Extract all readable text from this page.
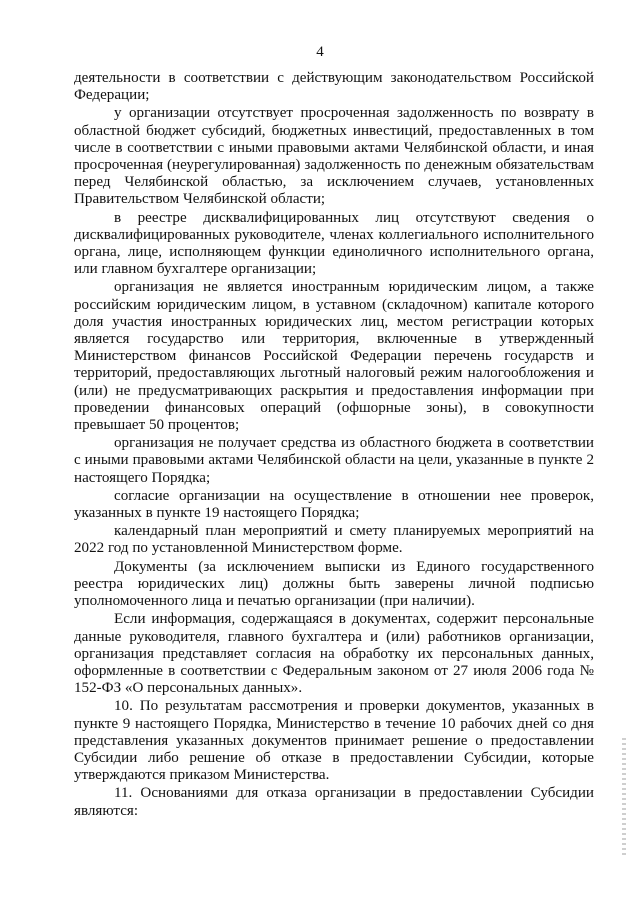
4

деятельности в соответствии с действующим законодательством Российской Федерации;

у организации отсутствует просроченная задолженность по возврату в областной бюджет субсидий, бюджетных инвестиций, предоставленных в том числе в соответствии с иными правовыми актами Челябинской области, и иная просроченная (неурегулированная) задолженность по денежным обязательствам перед Челябинской областью, за исключением случаев, установленных Правительством Челябинской области;

в реестре дисквалифицированных лиц отсутствуют сведения о дисквалифицированных руководителе, членах коллегиального исполнительного органа, лице, исполняющем функции единоличного исполнительного органа, или главном бухгалтере организации;

организация не является иностранным юридическим лицом, а также российским юридическим лицом, в уставном (складочном) капитале которого доля участия иностранных юридических лиц, местом регистрации которых является государство или территория, включенные в утвержденный Министерством финансов Российской Федерации перечень государств и территорий, предоставляющих льготный налоговый режим налогообложения и (или) не предусматривающих раскрытия и предоставления информации при проведении финансовых операций (офшорные зоны), в совокупности превышает 50 процентов;

организация не получает средства из областного бюджета в соответствии с иными правовыми актами Челябинской области на цели, указанные в пункте 2 настоящего Порядка;

согласие организации на осуществление в отношении нее проверок, указанных в пункте 19 настоящего Порядка;

календарный план мероприятий и смету планируемых мероприятий на 2022 год по установленной Министерством форме.

Документы (за исключением выписки из Единого государственного реестра юридических лиц) должны быть заверены личной подписью уполномоченного лица и печатью организации (при наличии).

Если информация, содержащаяся в документах, содержит персональные данные руководителя, главного бухгалтера и (или) работников организации, организация представляет согласия на обработку их персональных данных, оформленные в соответствии с Федеральным законом от 27 июля 2006 года № 152-ФЗ «О персональных данных».

10. По результатам рассмотрения и проверки документов, указанных в пункте 9 настоящего Порядка, Министерство в течение 10 рабочих дней со дня представления указанных документов принимает решение о предоставлении Субсидии либо решение об отказе в предоставлении Субсидии, которые утверждаются приказом Министерства.

11. Основаниями для отказа организации в предоставлении Субсидии являются:
